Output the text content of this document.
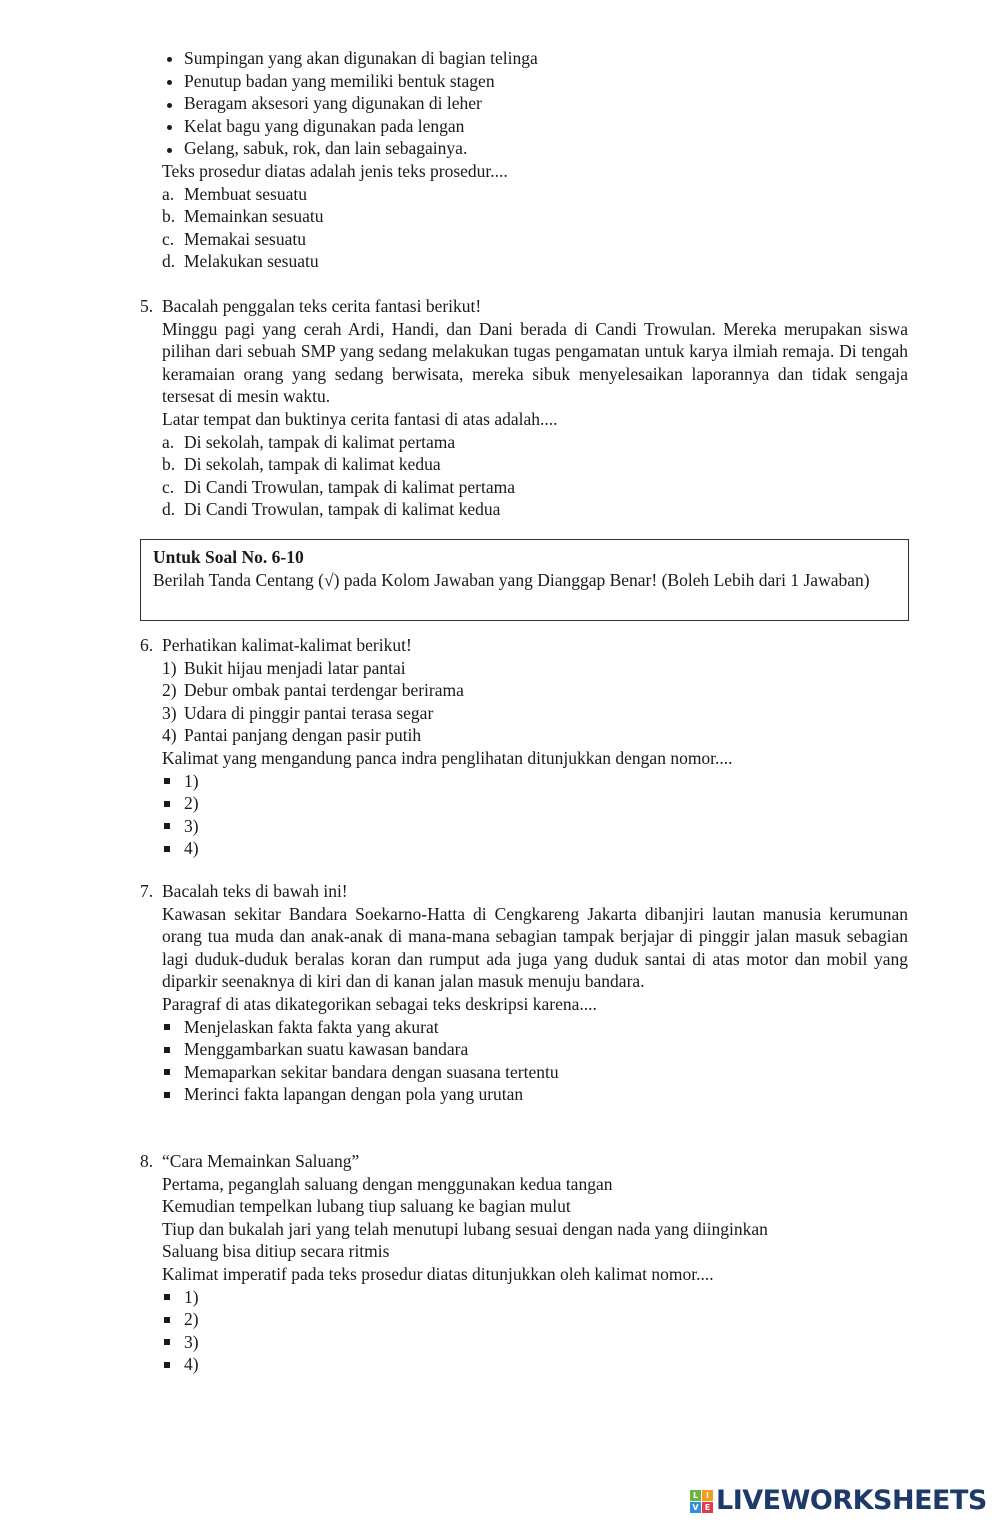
Sumpingan yang akan digunakan di bagian telinga
Penutup badan yang memiliki bentuk stagen
Beragam aksesori yang digunakan di leher
Kelat bagu yang digunakan pada lengan
Gelang, sabuk, rok, dan lain sebagainya.
Teks prosedur diatas adalah jenis teks prosedur....
a. Membuat sesuatu
b. Memainkan sesuatu
c. Memakai sesuatu
d. Melakukan sesuatu
5. Bacalah penggalan teks cerita fantasi berikut!
Minggu pagi yang cerah Ardi, Handi, dan Dani berada di Candi Trowulan. Mereka merupakan siswa pilihan dari sebuah SMP yang sedang melakukan tugas pengamatan untuk karya ilmiah remaja. Di tengah keramaian orang yang sedang berwisata, mereka sibuk menyelesaikan laporannya dan tidak sengaja tersesat di mesin waktu.
Latar tempat dan buktinya cerita fantasi di atas adalah....
a. Di sekolah, tampak di kalimat pertama
b. Di sekolah, tampak di kalimat kedua
c. Di Candi Trowulan, tampak di kalimat pertama
d. Di Candi Trowulan, tampak di kalimat kedua
Untuk Soal No. 6-10
Berilah Tanda Centang (√) pada Kolom Jawaban yang Dianggap Benar! (Boleh Lebih dari 1 Jawaban)
6. Perhatikan kalimat-kalimat berikut!
1) Bukit hijau menjadi latar pantai
2) Debur ombak pantai terdengar berirama
3) Udara di pinggir pantai terasa segar
4) Pantai panjang dengan pasir putih
Kalimat yang mengandung panca indra penglihatan ditunjukkan dengan nomor....
1)
2)
3)
4)
7. Bacalah teks di bawah ini!
Kawasan sekitar Bandara Soekarno-Hatta di Cengkareng Jakarta dibanjiri lautan manusia kerumunan orang tua muda dan anak-anak di mana-mana sebagian tampak berjajar di pinggir jalan masuk sebagian lagi duduk-duduk beralas koran dan rumput ada juga yang duduk santai di atas motor dan mobil yang diparkir seenaknya di kiri dan di kanan jalan masuk menuju bandara.
Paragraf di atas dikategorikan sebagai teks deskripsi karena....
Menjelaskan fakta fakta yang akurat
Menggambarkan suatu kawasan bandara
Memaparkan sekitar bandara dengan suasana tertentu
Merinci fakta lapangan dengan pola yang urutan
8. “Cara Memainkan Saluang”
Pertama, peganglah saluang dengan menggunakan kedua tangan
Kemudian tempelkan lubang tiup saluang ke bagian mulut
Tiup dan bukalah jari yang telah menutupi lubang sesuai dengan nada yang diinginkan
Saluang bisa ditiup secara ritmis
Kalimat imperatif pada teks prosedur diatas ditunjukkan oleh kalimat nomor....
1)
2)
3)
4)
L I
V E LIVEWORKSHEETS
